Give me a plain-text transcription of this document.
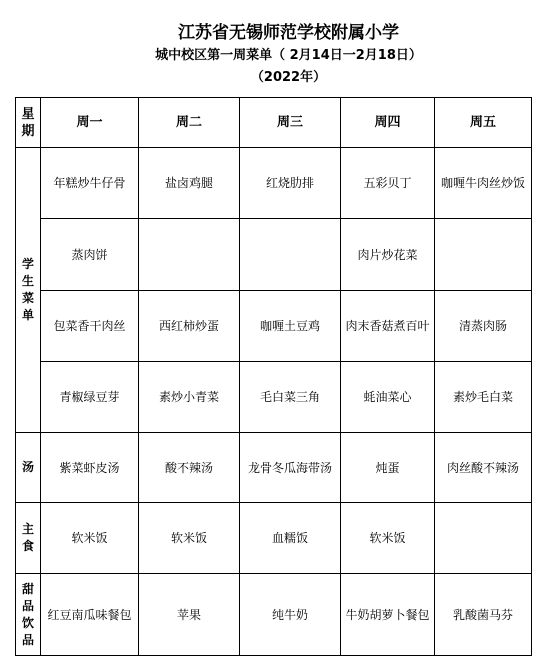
江苏省无锡师范学校附属小学
城中校区第一周菜单（ 2月14日一2月18日）
（2022年）
星期	周一	周二	周三	周四	周五
学生菜单	年糕炒牛仔骨	盐卤鸡腿	红烧肋排	五彩贝丁	咖喱牛肉丝炒饭
	蒸肉饼			肉片炒花菜	
	包菜香干肉丝	西红柿炒蛋	咖喱土豆鸡	肉末香菇煮百叶	清蒸肉肠
	青椒绿豆芽	素炒小青菜	毛白菜三角	蚝油菜心	素炒毛白菜
汤	紫菜虾皮汤	酸不辣汤	龙骨冬瓜海带汤	炖蛋	肉丝酸不辣汤
主食	软米饭	软米饭	血糯饭	软米饭	
甜品饮品	红豆南瓜味餐包	苹果	纯牛奶	牛奶胡萝卜餐包	乳酸菌马芬
